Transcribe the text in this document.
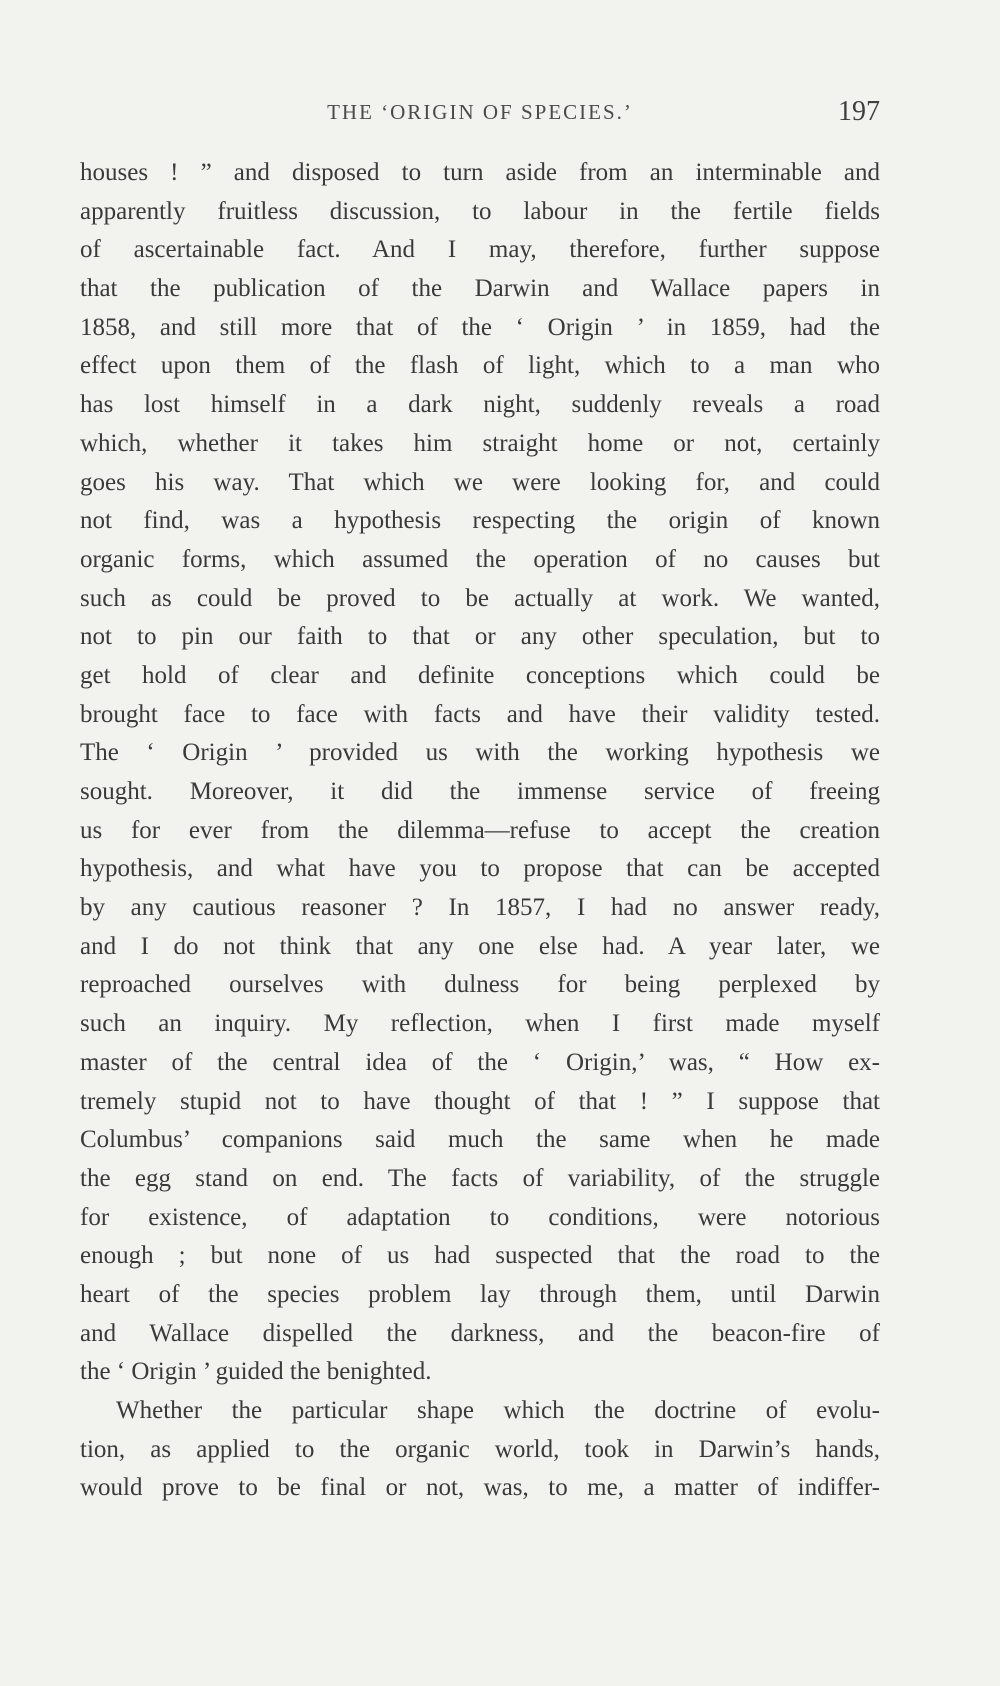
THE ‘ORIGIN OF SPECIES.’	197
houses ! ” and disposed to turn aside from an interminable and
apparently fruitless discussion, to labour in the fertile fields
of ascertainable fact. And I may, therefore, further suppose
that the publication of the Darwin and Wallace papers in
1858, and still more that of the ‘ Origin ’ in 1859, had the
effect upon them of the flash of light, which to a man who
has lost himself in a dark night, suddenly reveals a road
which, whether it takes him straight home or not, certainly
goes his way. That which we were looking for, and could
not find, was a hypothesis respecting the origin of known
organic forms, which assumed the operation of no causes but
such as could be proved to be actually at work. We wanted,
not to pin our faith to that or any other speculation, but to
get hold of clear and definite conceptions which could be
brought face to face with facts and have their validity tested.
The ‘ Origin ’ provided us with the working hypothesis we
sought. Moreover, it did the immense service of freeing
us for ever from the dilemma—refuse to accept the creation
hypothesis, and what have you to propose that can be accepted
by any cautious reasoner ? In 1857, I had no answer ready,
and I do not think that any one else had. A year later, we
reproached ourselves with dulness for being perplexed by
such an inquiry. My reflection, when I first made myself
master of the central idea of the ‘ Origin,’ was, “ How ex-
tremely stupid not to have thought of that ! ” I suppose that
Columbus’ companions said much the same when he made
the egg stand on end. The facts of variability, of the struggle
for existence, of adaptation to conditions, were notorious
enough ; but none of us had suspected that the road to the
heart of the species problem lay through them, until Darwin
and Wallace dispelled the darkness, and the beacon-fire of
the ‘ Origin ’ guided the benighted.
Whether the particular shape which the doctrine of evolu-
tion, as applied to the organic world, took in Darwin’s hands,
would prove to be final or not, was, to me, a matter of indiffer-
